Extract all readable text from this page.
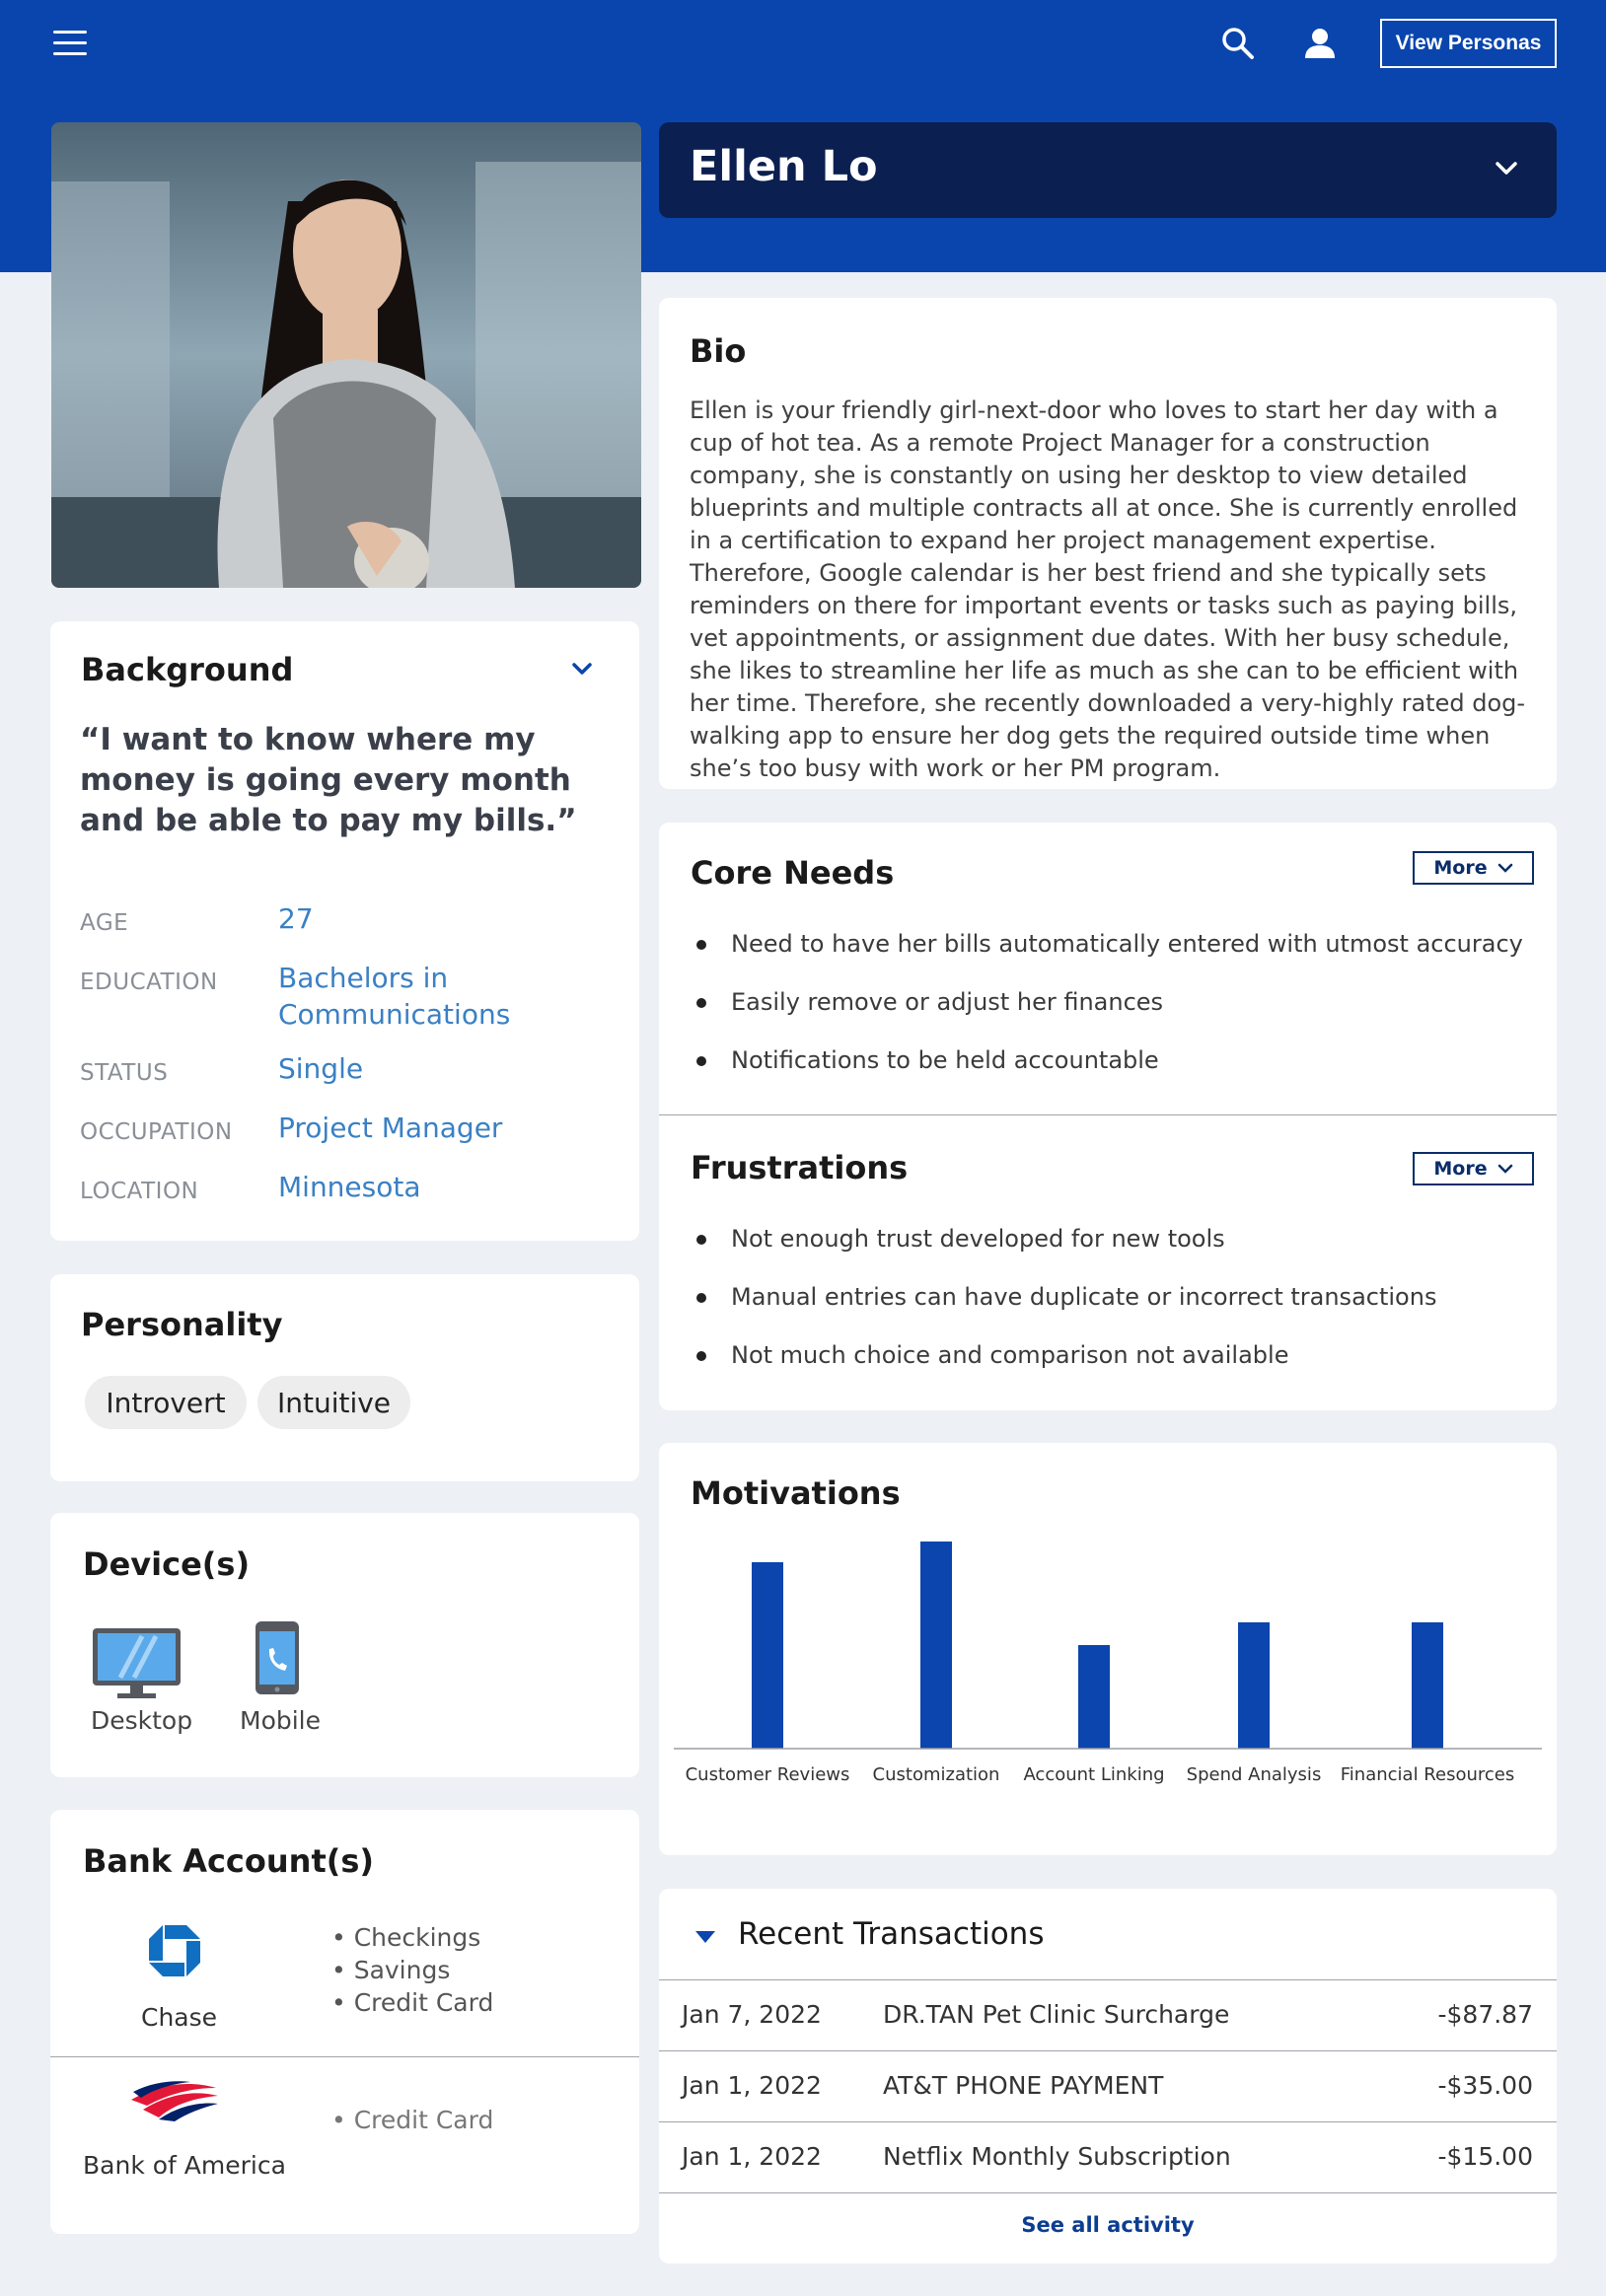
View Personas
Ellen Lo
Bio
Ellen is your friendly girl-next-door who loves to start her day with a cup of hot tea. As a remote Project Manager for a construction company, she is constantly on using her desktop to view detailed blueprints and multiple contracts all at once. She is currently enrolled in a certification to expand her project management expertise. Therefore, Google calendar is her best friend and she typically sets reminders on there for important events or tasks such as paying bills, vet appointments, or assignment due dates. With her busy schedule, she likes to streamline her life as much as she can to be efficient with her time. Therefore, she recently downloaded a very-highly rated dog-walking app to ensure her dog gets the required outside time when she’s too busy with work or her PM program.
Background
“I want to know where my money is going every month and be able to pay my bills.”
AGE	27
EDUCATION Bachelors in Communications
STATUS	Single
OCCUPATION Project Manager
LOCATION	Minnesota
Personality
Introvert	Intuitive
Device(s)
Desktop Mobile
Bank Account(s)
Chase
• Checkings
• Savings
• Credit Card
Bank of America
• Credit Card
Core Needs	More
Need to have her bills automatically entered with utmost accuracy
Easily remove or adjust her finances
Notifications to be held accountable
Frustrations	More
Not enough trust developed for new tools
Manual entries can have duplicate or incorrect transactions
Not much choice and comparison not available
Motivations
Customer Reviews Customization Account Linking Spend Analysis Financial Resources
Recent Transactions
Jan 7, 2022 DR.TAN Pet Clinic Surcharge	-$87.87
Jan 1, 2022 AT&T PHONE PAYMENT	-$35.00
Jan 1, 2022 Netflix Monthly Subscription	-$15.00
See all activity
